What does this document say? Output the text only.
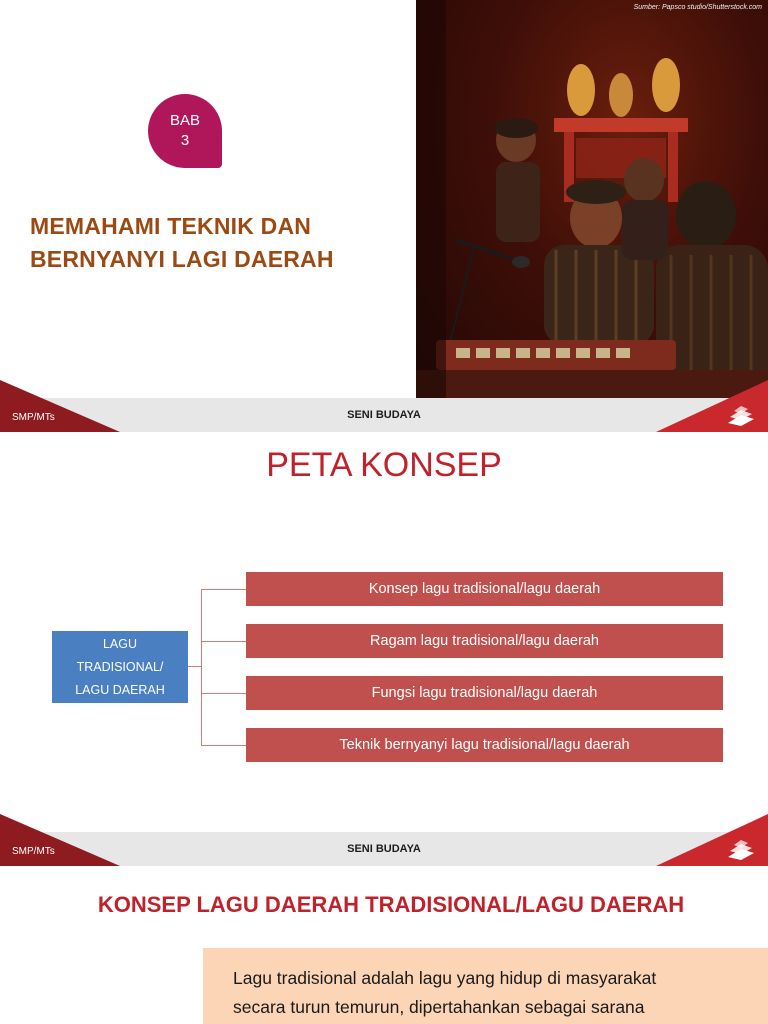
BAB
3
MEMAHAMI TEKNIK DAN
BERNYANYI LAGI DAERAH
Sumber: Papsco studio/Shutterstock.com
SMP/MTs	SENI BUDAYA
PETA KONSEP
LAGU
TRADISIONAL/
LAGU DAERAH
Konsep lagu tradisional/lagu daerah
Ragam lagu tradisional/lagu daerah
Fungsi lagu tradisional/lagu daerah
Teknik bernyanyi lagu tradisional/lagu daerah
SMP/MTs	SENI BUDAYA
KONSEP LAGU DAERAH TRADISIONAL/LAGU DAERAH
Lagu tradisional adalah lagu yang hidup di masyarakat
secara turun temurun, dipertahankan sebagai sarana
